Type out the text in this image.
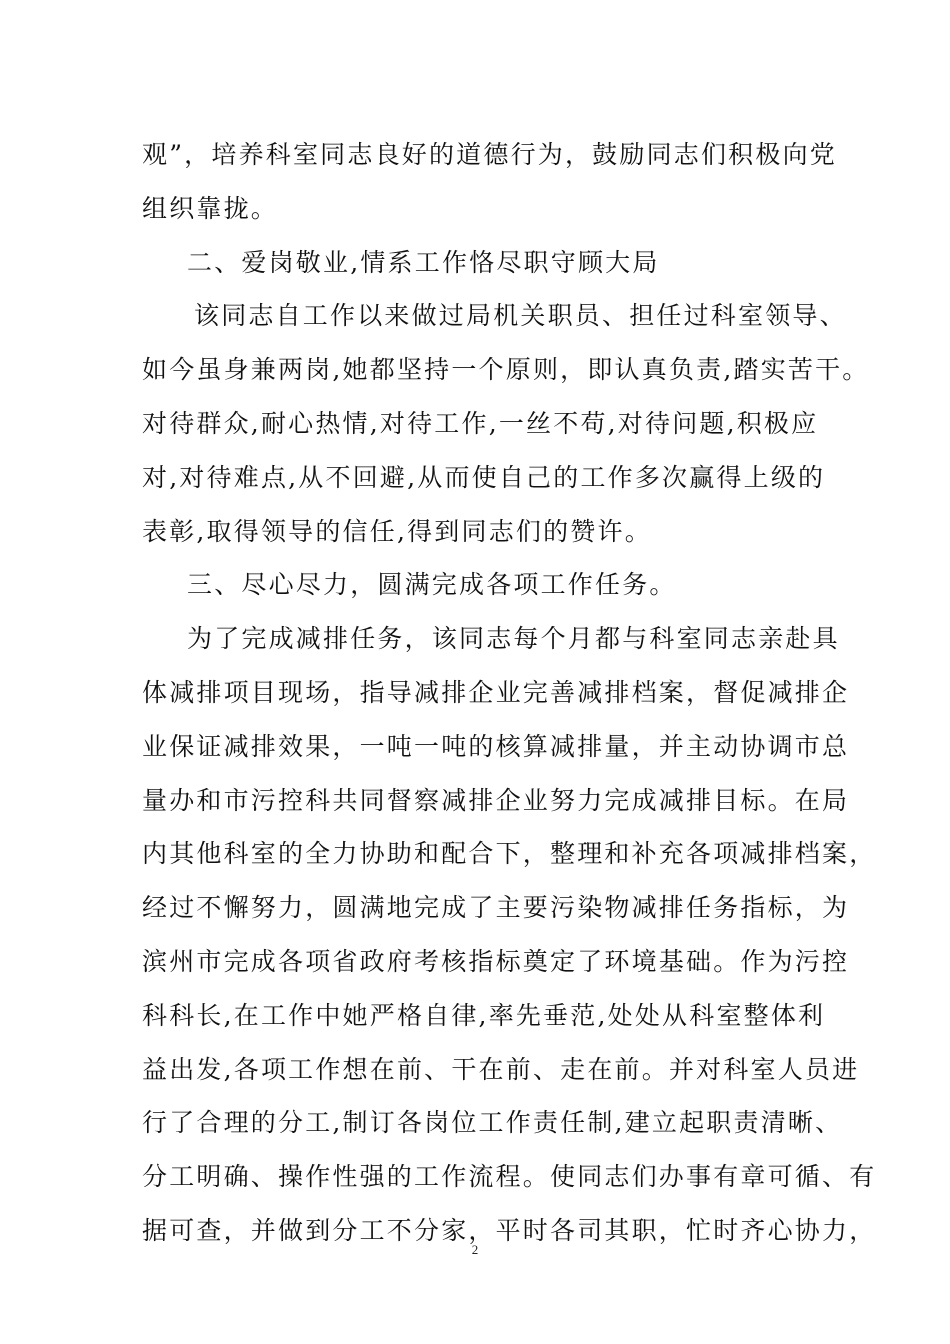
观”，培养科室同志良好的道德行为，鼓励同志们积极向党
组织靠拢。
二、爱岗敬业,情系工作恪尽职守顾大局
该同志自工作以来做过局机关职员、担任过科室领导、
如今虽身兼两岗,她都坚持一个原则，即认真负责,踏实苦干。
对待群众,耐心热情,对待工作,一丝不苟,对待问题,积极应
对,对待难点,从不回避,从而使自己的工作多次赢得上级的
表彰,取得领导的信任,得到同志们的赞许。
三、尽心尽力，圆满完成各项工作任务。
为了完成减排任务，该同志每个月都与科室同志亲赴具
体减排项目现场，指导减排企业完善减排档案，督促减排企
业保证减排效果，一吨一吨的核算减排量，并主动协调市总
量办和市污控科共同督察减排企业努力完成减排目标。在局
内其他科室的全力协助和配合下，整理和补充各项减排档案，
经过不懈努力，圆满地完成了主要污染物减排任务指标，为
滨州市完成各项省政府考核指标奠定了环境基础。作为污控
科科长,在工作中她严格自律,率先垂范,处处从科室整体利
益出发,各项工作想在前、干在前、走在前。并对科室人员进
行了合理的分工,制订各岗位工作责任制,建立起职责清晰、
分工明确、操作性强的工作流程。使同志们办事有章可循、有
据可查，并做到分工不分家，平时各司其职，忙时齐心协力，
2
